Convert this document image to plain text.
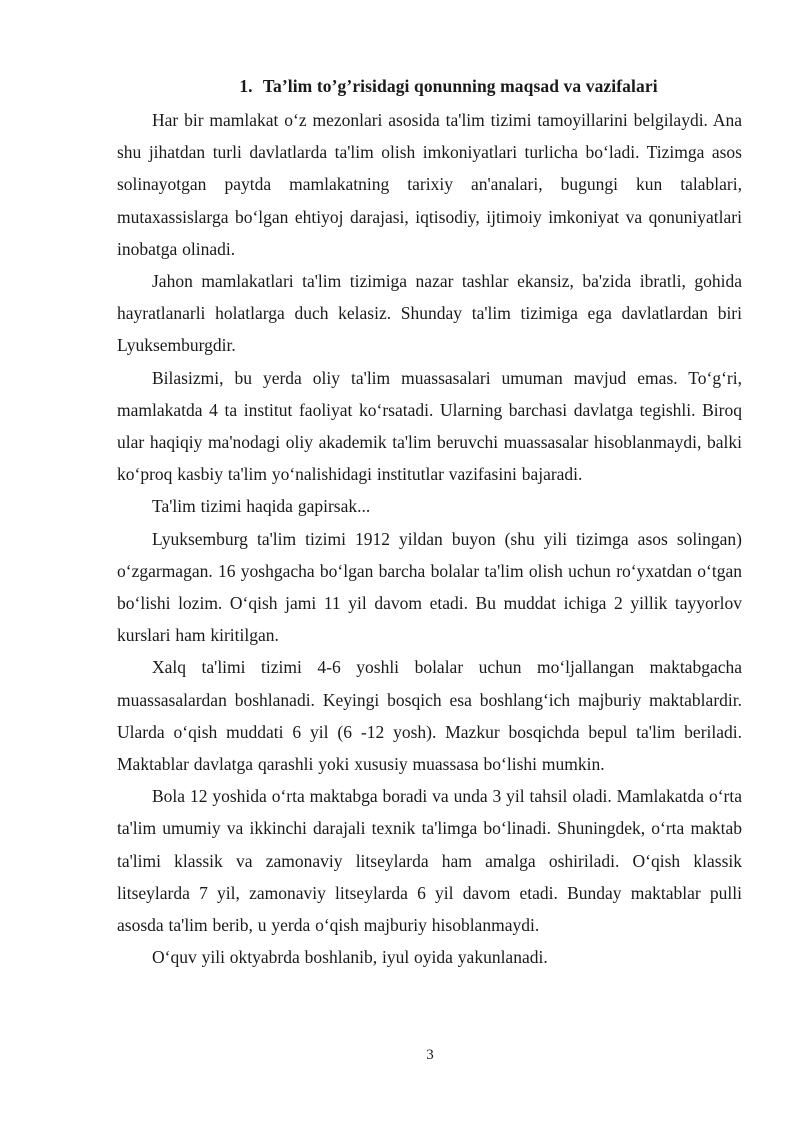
1. Ta’lim to’g’risidagi qonunning maqsad va vazifalari

Har bir mamlakat o‘z mezonlari asosida ta'lim tizimi tamoyillarini belgilaydi. Ana shu jihatdan turli davlatlarda ta'lim olish imkoniyatlari turlicha bo‘ladi. Tizimga asos solinayotgan paytda mamlakatning tarixiy an'analari, bugungi kun talablari, mutaxassislarga bo‘lgan ehtiyoj darajasi, iqtisodiy, ijtimoiy imkoniyat va qonuniyatlari inobatga olinadi.

Jahon mamlakatlari ta'lim tizimiga nazar tashlar ekansiz, ba'zida ibratli, gohida hayratlanarli holatlarga duch kelasiz. Shunday ta'lim tizimiga ega davlatlardan biri Lyuksemburgdir.

Bilasizmi, bu yerda oliy ta'lim muassasalari umuman mavjud emas. To‘g‘ri, mamlakatda 4 ta institut faoliyat ko‘rsatadi. Ularning barchasi davlatga tegishli. Biroq ular haqiqiy ma'nodagi oliy akademik ta'lim beruvchi muassasalar hisoblanmaydi, balki ko‘proq kasbiy ta'lim yo‘nalishidagi institutlar vazifasini bajaradi.

Ta'lim tizimi haqida gapirsak...

Lyuksemburg ta'lim tizimi 1912 yildan buyon (shu yili tizimga asos solingan) o‘zgarmagan. 16 yoshgacha bo‘lgan barcha bolalar ta'lim olish uchun ro‘yxatdan o‘tgan bo‘lishi lozim. O‘qish jami 11 yil davom etadi. Bu muddat ichiga 2 yillik tayyorlov kurslari ham kiritilgan.

Xalq ta'limi tizimi 4-6 yoshli bolalar uchun mo‘ljallangan maktabgacha muassasalardan boshlanadi. Keyingi bosqich esa boshlang‘ich majburiy maktablardir. Ularda o‘qish muddati 6 yil (6 -12 yosh). Mazkur bosqichda bepul ta'lim beriladi. Maktablar davlatga qarashli yoki xususiy muassasa bo‘lishi mumkin.

Bola 12 yoshida o‘rta maktabga boradi va unda 3 yil tahsil oladi. Mamlakatda o‘rta ta'lim umumiy va ikkinchi darajali texnik ta'limga bo‘linadi. Shuningdek, o‘rta maktab ta'limi klassik va zamonaviy litseylarda ham amalga oshiriladi. O‘qish klassik litseylarda 7 yil, zamonaviy litseylarda 6 yil davom etadi. Bunday maktablar pulli asosda ta'lim berib, u yerda o‘qish majburiy hisoblanmaydi.

O‘quv yili oktyabrda boshlanib, iyul oyida yakunlanadi.

3
